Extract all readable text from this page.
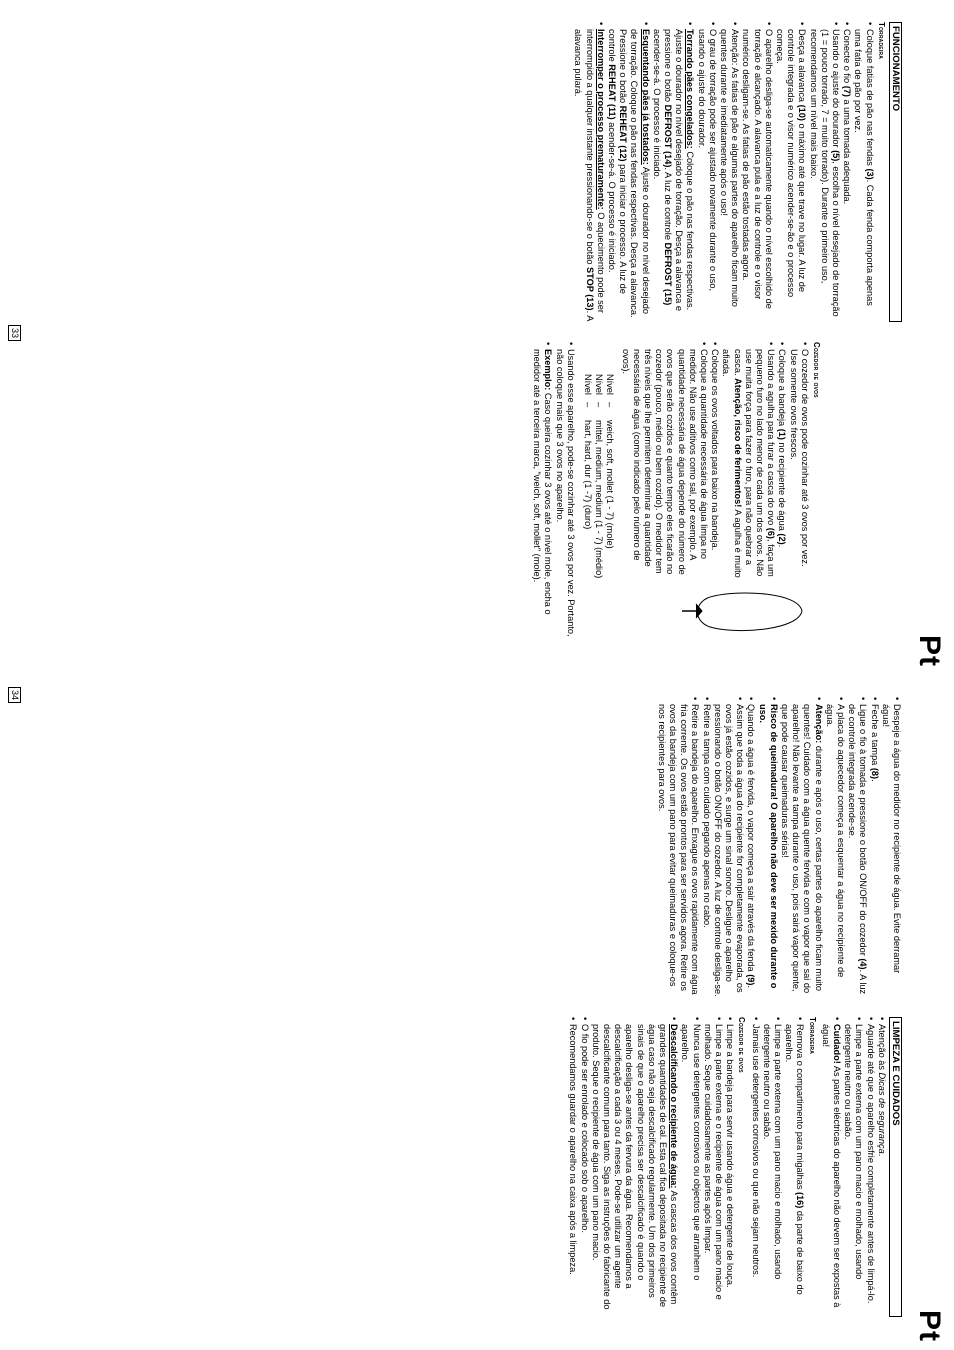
Pt
FUNCIONAMENTO
Torradeira
• Coloque fatias de pão nas fendas (3). Cada fenda comporta apenas uma fatia de pão por vez.
• Conecte o fio (7) a uma tomada adequada.
• Usando o ajuste do dourador (5), escolha o nível desejado de torração (1 = pouco torrado, 7 = muito torrado). Durante o primeiro uso, recomendamos um nível mais baixo.
• Desça a alavanca (10) o máximo até que trave no lugar. A luz de controle integrada e o visor numérico acender-se-ão e o processo começa.
• O aparelho desliga-se automaticamente quando o nível escolhido de torração é alcançado. A alavanca pula e a luz de controle e o visor numérico desligam-se. As fatias de pão estão tostadas agora.
• Atenção: As fatias de pão e algumas partes do aparelho ficam muito quentes durante e imediatamente após o uso!
• O grau de torração pode ser ajustado novamente durante o uso, usando o ajuste do dourador.
• Torrando pães congelados: Coloque o pão nas fendas respectivas. Ajuste o dourador no nível desejado de torração. Desça a alavanca e pressione o botão DEFROST (14). A luz de controle DEFROST (15) acender-se-á. O processo é iniciado.
• Esquentando pães já tostados: Ajuste o dourador no nível desejado de torração. Coloque o pão nas fendas respectivas. Desça a alavanca. Pressione o botão REHEAT (12) para iniciar o processo. A luz de controle REHEAT (11) acender-se-á. O processo é iniciado.
• Interromper o processo prematuramente: O aquecimento pode ser interrompido a qualquer instante pressionando-se o botão STOP (13). A alavanca pulará.
Cozedor de ovos
• O cozedor de ovos pode cozinhar até 3 ovos por vez. Use somente ovos frescos.
• Coloque a bandeja (1) no recipiente de água (2).
• Usando a agulha para furar a casca do ovo (6), faça um pequeno furo no lado menor de cada um dos ovos. Não use muita força para fazer o furo, para não quebrar a casca. Atenção, risco de ferimentos! A agulha é muito afiada.
• Coloque os ovos voltados para baixo na bandeja.
• Coloque a quantidade necessária de água limpa no medidor. Não use aditivos como sal, por exemplo. A quantidade necessária de água depende do número de ovos que serão cozidos e quanto tempo eles ficarão no cozedor (pouco, médio ou bem cozido). O medidor tem três níveis que lhe permitem determinar a quantidade necessária de água (como indicado pelo número de ovos).
Nível
–
weich, soft, mollet (1 - 7) (mole)
Nível
–
mittel, medium, medium (1 - 7) (médio)
Nível
–
hart, hard, dur (1 -7) (duro)
• Usando esse aparelho, pode-se cozinhar até 3 ovos por vez. Portanto, não coloque mais que 3 ovos no aparelho.
• Exemplo: Caso queira cozinhar 3 ovos até o nível mole, encha o medidor até a terceira marca, "weich, soft, mollet" (mole).
33
Pt
• Despeje a água do medidor no recipiente de água. Evite derramar água!
• Feche a tampa (8).
• Ligue o fio à tomada e pressione o botão ON/OFF do cozedor (4). A luz de controle integrada acende-se.
• A placa do aquecedor começa a esquentar a água no recipiente de água.
• Atenção: durante e após o uso, certas partes do aparelho ficam muito quentes! Cuidado com a água quente fervida e com o vapor que sai do aparelho! Não levante a tampa durante o uso, pois sairá vapor quente, que pode causar queimaduras sérias!
• Risco de queimadura! O aparelho não deve ser mexido durante o uso.
• Quando a água é fervida, o vapor começa a sair através da fenda (9).
• Assim que toda a água do recipiente for completamente evaporada, os ovos já estão cozidos, e surge um sinal sonoro. Desligue o aparelho pressionando o botão ON/OFF do cozedor. A luz de controle desliga-se.
• Retire a tampa com cuidado pegando apenas no cabo.
• Retire a bandeja do aparelho. Enxague os ovos rapidamente com água fria corrente. Os ovos estão prontos para ser servidos agora. Retire os ovos da bandeja com um pano para evitar queimaduras e coloque-os nos recipientes para ovos.
LIMPEZA E CUIDADOS
• Atenção às Dicas de segurança.
• Aguarde até que o aparelho esfrie completamente antes de limpá-lo.
• Limpe a parte externa com um pano macio e molhado, usando detergente neutro ou sabão.
• Cuidado! As partes eléctricas do aparelho não devem ser expostas à água!
Torradeira
• Remova o compartimento para migalhas (16) da parte de baixo do aparelho.
• Limpe a parte externa com um pano macio e molhado, usando detergente neutro ou sabão.
• Jamais use detergentes corrosivos ou que não sejam neutros.
Cozedor de ovos
• Limpe a bandeja para servir usando água e detergente de louça.
• Limpe a parte externa e o recipiente de água com um pano macio e molhado. Seque cuidadosamente as partes após limpar.
• Nunca use detergentes corrosivos ou objectos que arranhem o aparelho.
• Descalcificando o recipiente de água: As cascas dos ovos contêm grandes quantidades de cal. Esta cal fica depositada no recipiente de água caso não seja descalcificado regularmente. Um dos primeiros sinais de que o aparelho precisa ser descalcificado é quando o aparelho desliga-se antes da fervura da água. Recomendamos a descalcificação a cada 3 ou 4 meses. Pode-se utilizar um agente descalcificante comum para tanto. Siga as instruções do fabricante do produto. Seque o recipiente de água com um pano macio.
• O fio pode ser enrolado e colocado sob o aparelho.
• Recomendamos guardar o aparelho na caixa após a limpeza.
34
